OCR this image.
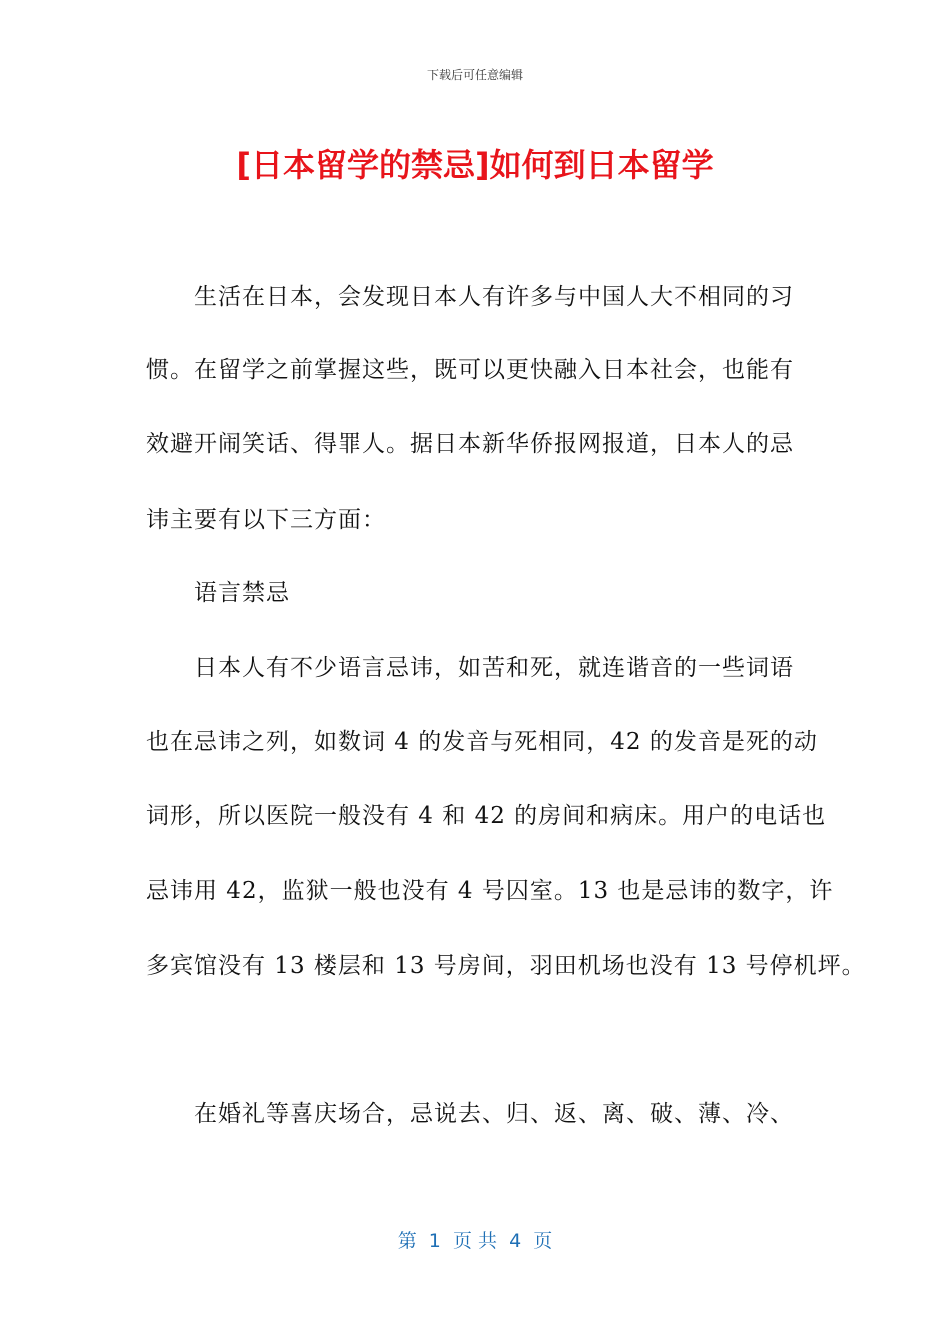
下载后可任意编辑
[日本留学的禁忌]如何到日本留学
生活在日本，会发现日本人有许多与中国人大不相同的习
惯。在留学之前掌握这些，既可以更快融入日本社会，也能有
效避开闹笑话、得罪人。据日本新华侨报网报道，日本人的忌
讳主要有以下三方面：
语言禁忌
日本人有不少语言忌讳，如苦和死，就连谐音的一些词语
也在忌讳之列，如数词 4 的发音与死相同，42 的发音是死的动
词形，所以医院一般没有 4 和 42 的房间和病床。用户的电话也
忌讳用 42，监狱一般也没有 4 号囚室。13 也是忌讳的数字，许
多宾馆没有 13 楼层和 13 号房间，羽田机场也没有 13 号停机坪。
在婚礼等喜庆场合，忌说去、归、返、离、破、薄、冷、
第  1  页 共  4  页
